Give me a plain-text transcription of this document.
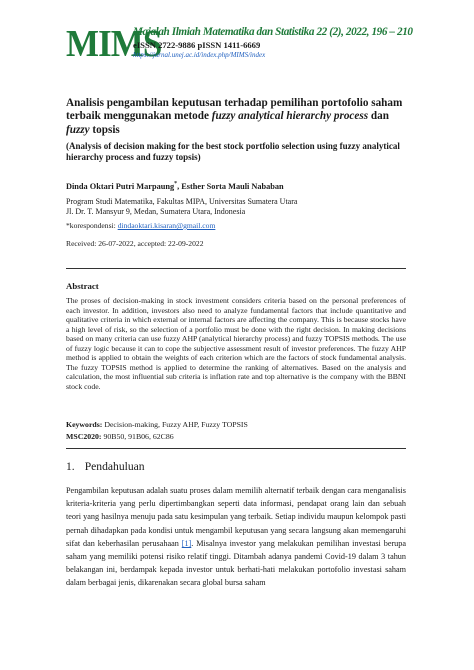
MIMS
Majalah Ilmiah Matematika dan Statistika 22 (2), 2022, 196 – 210
eISSN 2722-9886 pISSN 1411-6669
https://jurnal.unej.ac.id/index.php/MIMS/index
Analisis pengambilan keputusan terhadap pemilihan portofolio saham terbaik menggunakan metode fuzzy analytical hierarchy process dan fuzzy topsis
(Analysis of decision making for the best stock portfolio selection using fuzzy analytical hierarchy process and fuzzy topsis)
Dinda Oktari Putri Marpaung*, Esther Sorta Mauli Nababan
Program Studi Matematika, Fakultas MIPA, Universitas Sumatera Utara
Jl. Dr. T. Mansyur 9, Medan, Sumatera Utara, Indonesia
*korespondensi: dindaoktari.kisaran@gmail.com
Received: 26-07-2022, accepted: 22-09-2022
Abstract
The proses of decision-making in stock investment considers criteria based on the personal preferences of each investor. In addition, investors also need to analyze fundamental factors that include quantitative and qualitative criteria in which external or internal factors are affecting the company. This is because stocks have a high level of risk, so the selection of a portfolio must be done with the right decision. In making decisions based on many criteria can use fuzzy AHP (analytical hierarchy process) and fuzzy TOPSIS methods. The use of fuzzy logic because it can to cope the subjective assessment result of investor preferences. The fuzzy AHP method is applied to obtain the weights of each criterion which are the factors of stock fundamental analysis. The fuzzy TOPSIS method is applied to determine the ranking of alternatives. Based on the analysis and calculation, the most influential sub criteria is inflation rate and top alternative is the company with the BBNI stock code.
Keywords: Decision-making, Fuzzy AHP, Fuzzy TOPSIS
MSC2020: 90B50, 91B06, 62C86
1. Pendahuluan
Pengambilan keputusan adalah suatu proses dalam memilih alternatif terbaik dengan cara menganalisis kriteria-kriteria yang perlu dipertimbangkan seperti data informasi, pendapat orang lain dan sebuah teori yang hasilnya menuju pada satu kesimpulan yang terbaik. Setiap individu maupun kelompok pasti pernah dihadapkan pada kondisi untuk mengambil keputusan yang secara langsung akan memengaruhi sifat dan keberhasilan perusahaan [1]. Misalnya investor yang melakukan pemilihan investasi berupa saham yang memiliki potensi risiko relatif tinggi. Ditambah adanya pandemi Covid-19 dalam 3 tahun belakangan ini, berdampak kepada investor untuk berhati-hati melakukan portofolio investasi saham dalam berbagai jenis, dikarenakan secara global bursa saham
